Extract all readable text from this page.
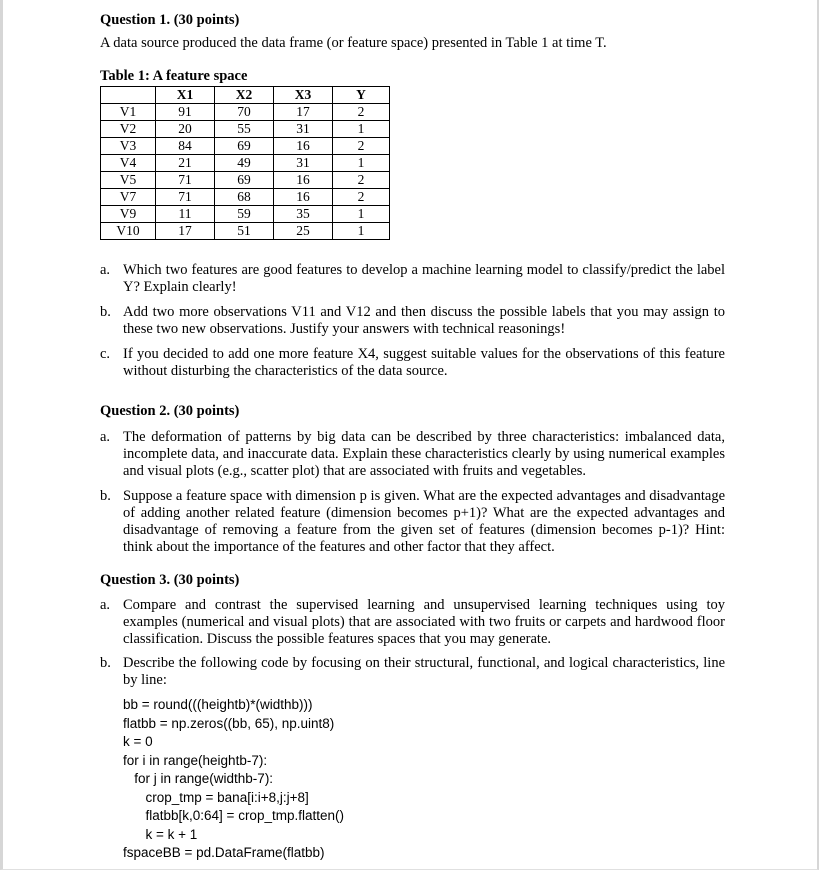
Question 1. (30 points)
A data source produced the data frame (or feature space) presented in Table 1 at time T.
Table 1: A feature space
	X1	X2	X3	Y
V1	91	70	17	2
V2	20	55	31	1
V3	84	69	16	2
V4	21	49	31	1
V5	71	69	16	2
V7	71	68	16	2
V9	11	59	35	1
V10	17	51	25	1
a. Which two features are good features to develop a machine learning model to classify/predict the label Y? Explain clearly!
b. Add two more observations V11 and V12 and then discuss the possible labels that you may assign to these two new observations. Justify your answers with technical reasonings!
c. If you decided to add one more feature X4, suggest suitable values for the observations of this feature without disturbing the characteristics of the data source.
Question 2. (30 points)
a. The deformation of patterns by big data can be described by three characteristics: imbalanced data, incomplete data, and inaccurate data. Explain these characteristics clearly by using numerical examples and visual plots (e.g., scatter plot) that are associated with fruits and vegetables.
b. Suppose a feature space with dimension p is given. What are the expected advantages and disadvantage of adding another related feature (dimension becomes p+1)? What are the expected advantages and disadvantage of removing a feature from the given set of features (dimension becomes p-1)? Hint: think about the importance of the features and other factor that they affect.
Question 3. (30 points)
a. Compare and contrast the supervised learning and unsupervised learning techniques using toy examples (numerical and visual plots) that are associated with two fruits or carpets and hardwood floor classification. Discuss the possible features spaces that you may generate.
b. Describe the following code by focusing on their structural, functional, and logical characteristics, line by line:
bb = round(((heightb)*(widthb)))
flatbb = np.zeros((bb, 65), np.uint8)
k = 0
for i in range(heightb-7):
for j in range(widthb-7):
crop_tmp = bana[i:i+8,j:j+8]
flatbb[k,0:64] = crop_tmp.flatten()
k = k + 1
fspaceBB = pd.DataFrame(flatbb)
